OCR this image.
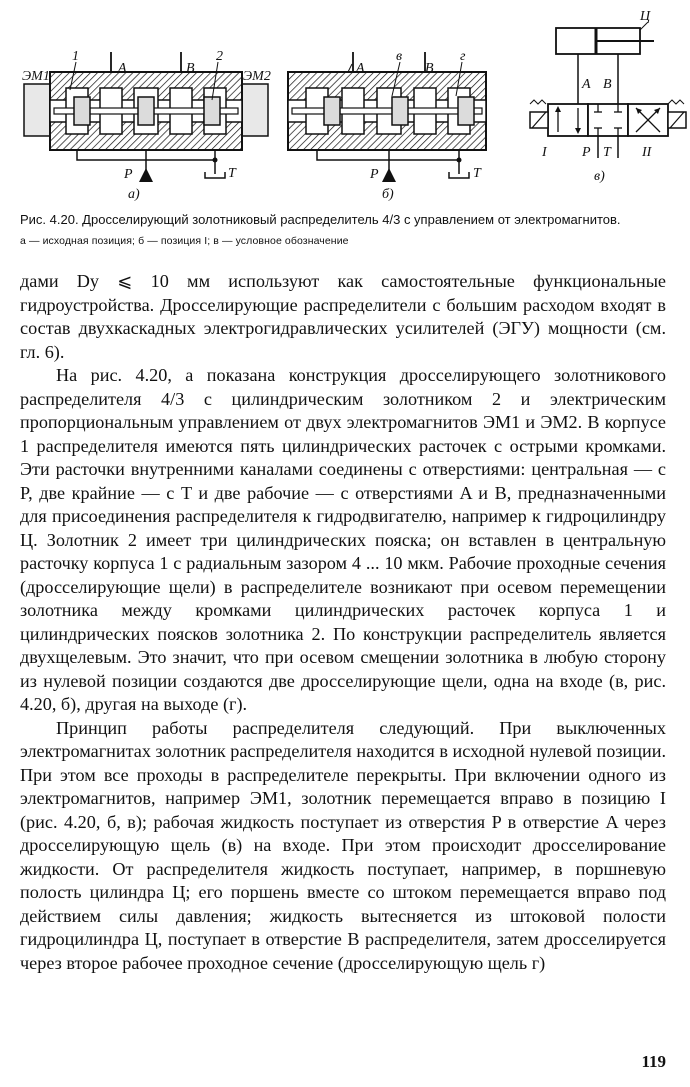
ЭМ1	ЭМ2
1	2
A	B
P	T
а)
A	B
в	г
P	T
б)
Ц
A B
I	II
P T
в)
Рис. 4.20. Дросселирующий золотниковый распределитель 4/3 с управлением от электромагнитов.
а — исходная позиция; б — позиция I; в — условное обозначение

дами Dу ⩽ 10 мм используют как самостоятельные функциональные гидроустройства. Дросселирующие распределители с большим расходом входят в состав двухкаскадных электрогидравлических усилителей (ЭГУ) мощности (см. гл. 6).

На рис. 4.20, а показана конструкция дросселирующего золотникового распределителя 4/3 с цилиндрическим золотником 2 и электрическим пропорциональным управлением от двух электромагнитов ЭМ1 и ЭМ2. В корпусе 1 распределителя имеются пять цилиндрических расточек с острыми кромками. Эти расточки внутренними каналами соединены с отверстиями: центральная — с P, две крайние — с T и две рабочие — с отверстиями A и B, предназначенными для присоединения распределителя к гидродвигателю, например к гидроцилиндру Ц. Золотник 2 имеет три цилиндрических пояска; он вставлен в центральную расточку корпуса 1 с радиальным зазором 4 ... 10 мкм. Рабочие проходные сечения (дросселирующие щели) в распределителе возникают при осевом перемещении золотника между кромками цилиндрических расточек корпуса 1 и цилиндрических поясков золотника 2. По конструкции распределитель является двухщелевым. Это значит, что при осевом смещении золотника в любую сторону из нулевой позиции создаются две дросселирующие щели, одна на входе (в, рис. 4.20, б), другая на выходе (г).

Принцип работы распределителя следующий. При выключенных электромагнитах золотник распределителя находится в исходной нулевой позиции. При этом все проходы в распределителе перекрыты. При включении одного из электромагнитов, например ЭМ1, золотник перемещается вправо в позицию I (рис. 4.20, б, в); рабочая жидкость поступает из отверстия P в отверстие A через дросселирующую щель (в) на входе. При этом происходит дросселирование жидкости. От распределителя жидкость поступает, например, в поршневую полость цилиндра Ц; его поршень вместе со штоком перемещается вправо под действием силы давления; жидкость вытесняется из штоковой полости гидроцилиндра Ц, поступает в отверстие B распределителя, затем дросселируется через второе рабочее проходное сечение (дросселирующую щель г)

119
